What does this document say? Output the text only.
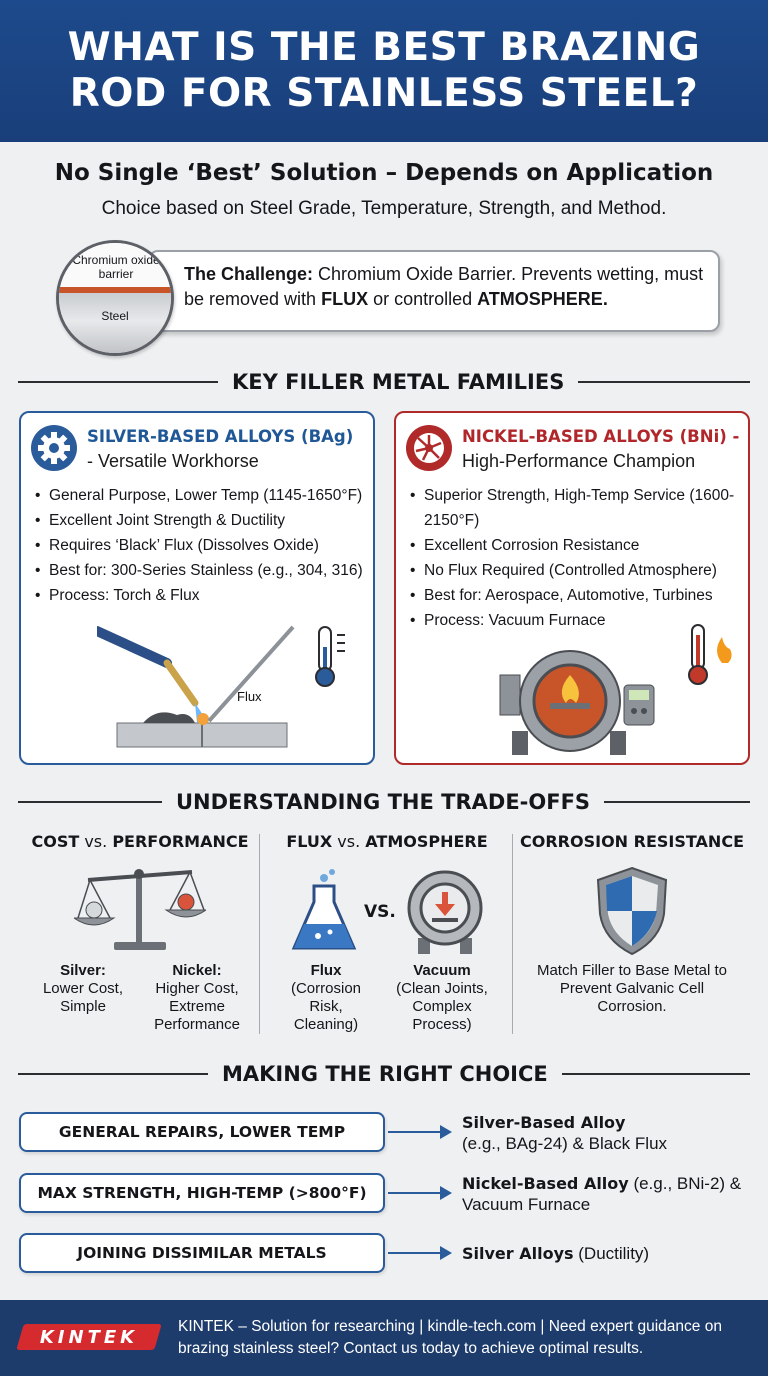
WHAT IS THE BEST BRAZING
ROD FOR STAINLESS STEEL?
No Single ‘Best’ Solution – Depends on Application
Choice based on Steel Grade, Temperature, Strength, and Method.
The Challenge: Chromium Oxide Barrier. Prevents wetting, must be removed with FLUX or controlled ATMOSPHERE.
Chromium oxide barrier
Steel
KEY FILLER METAL FAMILIES
SILVER-BASED ALLOYS (BAg)
- Versatile Workhorse
• General Purpose, Lower Temp (1145-1650°F)
• Excellent Joint Strength & Ductility
• Requires ‘Black’ Flux (Dissolves Oxide)
• Best for: 300-Series Stainless (e.g., 304, 316)
• Process: Torch & Flux
Flux
NICKEL-BASED ALLOYS (BNi) -
High-Performance Champion
• Superior Strength, High-Temp Service (1600-2150°F)
• Excellent Corrosion Resistance
• No Flux Required (Controlled Atmosphere)
• Best for: Aerospace, Automotive, Turbines
• Process: Vacuum Furnace
UNDERSTANDING THE TRADE-OFFS
COST vs. PERFORMANCE
Silver:
Lower Cost, Simple
Nickel:
Higher Cost, Extreme Performance
FLUX vs. ATMOSPHERE
VS.
Flux
(Corrosion Risk, Cleaning)
Vacuum
(Clean Joints, Complex Process)
CORROSION RESISTANCE
Match Filler to Base Metal to Prevent Galvanic Cell Corrosion.
MAKING THE RIGHT CHOICE
GENERAL REPAIRS, LOWER TEMP	Silver-Based Alloy
(e.g., BAg-24) & Black Flux
MAX STRENGTH, HIGH-TEMP (>800°F)	Nickel-Based Alloy (e.g., BNi-2) & Vacuum Furnace
JOINING DISSIMILAR METALS	Silver Alloys (Ductility)
KINTEK	KINTEK – Solution for researching | kindle-tech.com | Need expert guidance on brazing stainless steel? Contact us today to achieve optimal results.
